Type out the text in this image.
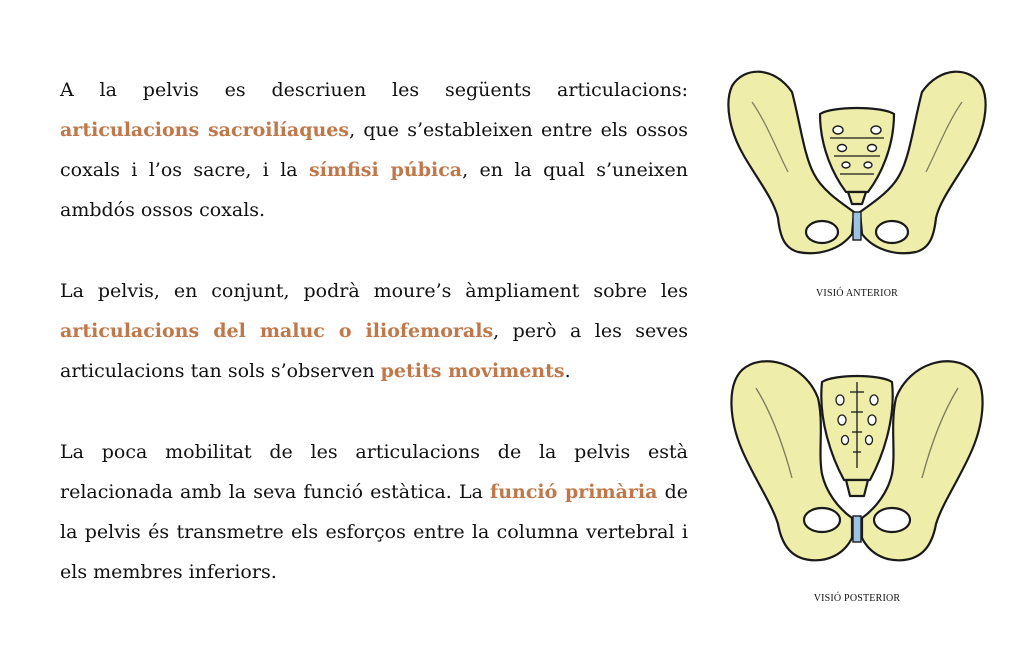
A la pelvis es descriuen les següents articulacions: articulacions sacroilíaques, que s’estableixen entre els ossos coxals i l’os sacre, i la símfisi púbica, en la qual s’uneixen ambdós ossos coxals.

La pelvis, en conjunt, podrà moure’s àmpliament sobre les articulacions del maluc o iliofemorals, però a les seves articulacions tan sols s’observen petits moviments.

La poca mobilitat de les articulacions de la pelvis està relacionada amb la seva funció estàtica. La funció primària de la pelvis és transmetre els esforços entre la columna vertebral i els membres inferiors.

VISIÓ ANTERIOR
VISIÓ POSTERIOR
